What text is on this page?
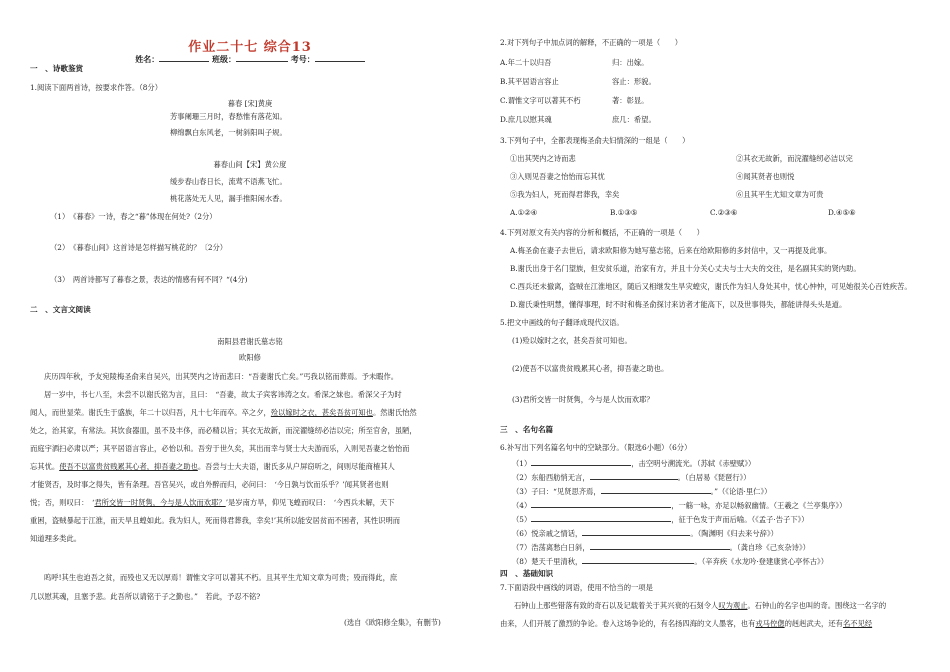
作业二十七 综合13
姓名：	班级：	考号：
一　、诗歌鉴赏
1.阅读下面两首诗，按要求作答。（8分）
暮春 [宋]黄庚
芳事阑珊三月时，春愁惟有落花知。
柳绵飘白东风老，一树斜阳叫子规。
暮春山间【宋】黄公度
缓步春山春日长，流莺不语燕飞忙。
桃花落处无人见，漏手推阳闲水香。
（1）　《暮春》一诗，春之“暮”体现在何处?（2分）
（2）　《暮春山间》这首诗是怎样描写桃花的？〔2分）
（3）　两首诗都写了暮春之景，表达的情感有何不同？“(4分)
二　、文言文阅读
南阳县君谢氏墓志铭
欧阳修
庆历四年秋，予友宛陵梅圣俞来自吴兴，出其哭内之诗而悲曰：“吾妻谢氏亡矣。”丐我以铭而葬焉。予未暇作。
居一岁中，书七八至，未尝不以谢氏铭为言，且曰：　“吾妻，故太子宾客讳涛之女。希深之妹也。希深父子为时
闻人，而世显荣。谢氏生于盛族，年二十以归吾，凡十七年而卒。卒之夕，殓以嫁时之衣，甚矣吾贫可知也。然谢氏怡然
处之，治其家，有常法。其饮食器皿，虽不及丰侈，而必精以旨；其衣无故新，而浣濯缝纫必洁以完；所至官舍，虽陋，
而庭宇洒扫必肃以严；其平居语言容止，必怡以和。吾穷于世久矣，其出而幸与贤士大夫游而乐，入则见吾妻之怡怡而
忘其忧。使吾不以富贵贫贱累其心者，抑吾妻之助也。吾尝与士大夫语，谢氏多从户屏窃听之，间则尽能商榷其人
才能贤否，及时事之得失，皆有条理。吾官吴兴，或自外醉而归，必问曰：　‘今日孰与饮而乐乎？’闻其贤者也则
悦；否，则叹曰：　‘君所交皆一时贤隽，今与是人饮而欢耶？’是岁南方旱，仰见飞蝗而叹曰：　‘今西兵未解，天下
重困，盗贼暴起于江淮，而天旱且蝗如此。我为妇人，死而得君葬我，幸矣!’其所以能安居贫而不困者，其性识明而
知道理多类此。
呜呼!其生也迫吾之贫，而殁也又无以厚焉！谓惟文字可以著其不朽。且其平生尤知文章为可贵；殁而得此，庶
几以慰其魂，且塞予悲。此吾所以请铭于子之勤也。”　若此，予忍不铭?
(选自《欧阳修全集》，有删节)
2.对下列句子中加点词的解释，不正确的一项是（　　）
A.年二十以归吾	归：出嫁。
B.其平居语言容止	容止：形貌。
C.谓惟文字可以著其不朽	著：彰显。
D.庶几以慰其魂	庶几：希望。
3.下列句子中，全都表现梅圣俞夫妇情深的一组是（　　）
①出其哭内之诗而悲	②其衣无故新，而浣濯缝纫必洁以完
③入则见吾妻之怡怡而忘其忧	④闻其贤者也则悦
⑤我为妇人，死而得君葬我，幸矣	⑥且其平生尤知文章为可贵
A.①②④	B.①③⑤	C.②③⑥	D.④⑤⑥
4.下列对原文有关内容的分析和概括，不正确的一项是（　　）
A.梅圣俞在妻子去世后，请求欧阳修为她写墓志铭，后来在给欧阳修的多封信中，又一再提及此事。
B.谢氏出身于名门望族，但安贫乐道，治家有方，并且十分关心丈夫与士大夫的交往，是名副其实的贤内助。
C.西兵还未撤离，盗贼在江淮地区，随后又相继发生旱灾蝗灾，谢氏作为妇人身处其中，忧心忡忡，可见她很关心百姓疾苦。
D.谢氏秉性明慧，懂得事理，时不时和梅圣俞探讨来访者才能高下，以及世事得失，都能讲得头头是道。
5.把文中画线的句子翻译成现代汉语。
(1)殓以嫁时之衣，甚矣吾贫可知也。
(2)使吾不以富贵贫贱累其心者，抑吾妻之助也。
(3)君所交皆一时贤隽，今与是人饮而欢耶？
三　、名句名篇
6.补写出下列名篇名句中的空缺部分。（限选6小题）（6分）
（1）	，击空明兮溯流光。（苏轼《赤壁赋》）
（2）东船西舫悄无言，	。（白居易《琵琶行》）
（3）子曰：“见贤思齐焉，	。”（《论语·里仁》）
（4）	，一觞一咏，亦足以畅叙幽情。（王羲之《兰亭集序》）
（5）	，征于色发于声而后喻。（《孟子·告子下》）
（6）悦亲戚之情话，	。（陶渊明《归去来兮辞》）
（7）浩荡离愁白日斜，	。（龚自珍《己亥杂诗》）
（8）楚天千里清秋，	。（辛弃疾《水龙吟·登建康赏心亭怀古》）
四　、基础知识
7.下面语段中画线的词语，使用不恰当的一项是
石钟山上那些错落有致的奇石以及记载着关于其兴衰的石刻令人叹为观止。石钟山的名字也叫的奇。围绕这一名字的
由来，人们开展了激烈的争论。卷入这场争论的，有名扬四海的文人墨客，也有戎马倥偬的赳赳武夫，还有名不见经
